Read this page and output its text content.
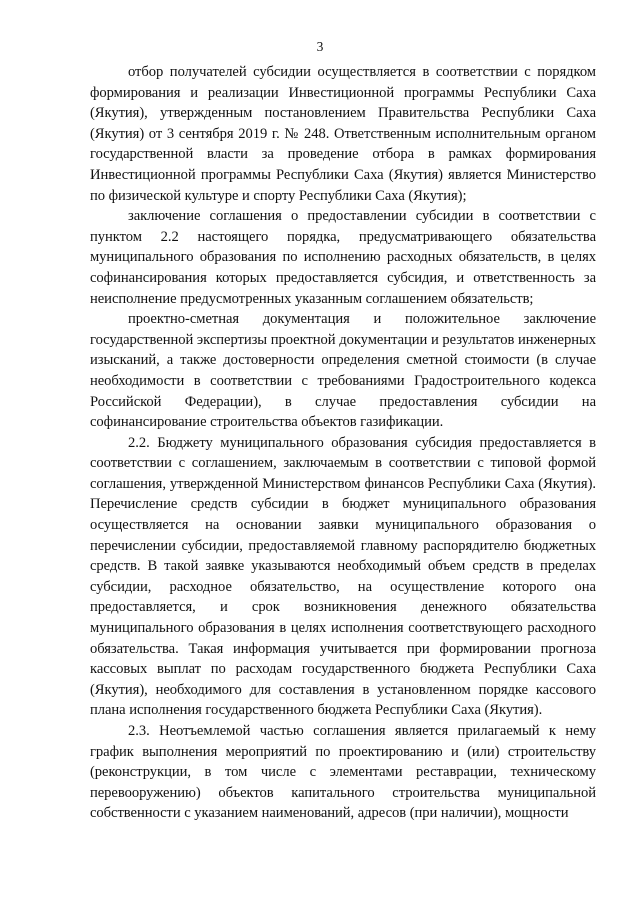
3

отбор получателей субсидии осуществляется в соответствии с порядком формирования и реализации Инвестиционной программы Республики Саха (Якутия), утвержденным постановлением Правительства Республики Саха (Якутия) от 3 сентября 2019 г. № 248. Ответственным исполнительным органом государственной власти за проведение отбора в рамках формирования Инвестиционной программы Республики Саха (Якутия) является Министерство по физической культуре и спорту Республики Саха (Якутия);

заключение соглашения о предоставлении субсидии в соответствии с пунктом 2.2 настоящего порядка, предусматривающего обязательства муниципального образования по исполнению расходных обязательств, в целях софинансирования которых предоставляется субсидия, и ответственность за неисполнение предусмотренных указанным соглашением обязательств;

проектно-сметная документация и положительное заключение государственной экспертизы проектной документации и результатов инженерных изысканий, а также достоверности определения сметной стоимости (в случае необходимости в соответствии с требованиями Градостроительного кодекса Российской Федерации), в случае предоставления субсидии на софинансирование строительства объектов газификации.

2.2. Бюджету муниципального образования субсидия предоставляется в соответствии с соглашением, заключаемым в соответствии с типовой формой соглашения, утвержденной Министерством финансов Республики Саха (Якутия). Перечисление средств субсидии в бюджет муниципального образования осуществляется на основании заявки муниципального образования о перечислении субсидии, предоставляемой главному распорядителю бюджетных средств. В такой заявке указываются необходимый объем средств в пределах субсидии, расходное обязательство, на осуществление которого она предоставляется, и срок возникновения денежного обязательства муниципального образования в целях исполнения соответствующего расходного обязательства. Такая информация учитывается при формировании прогноза кассовых выплат по расходам государственного бюджета Республики Саха (Якутия), необходимого для составления в установленном порядке кассового плана исполнения государственного бюджета Республики Саха (Якутия).

2.3. Неотъемлемой частью соглашения является прилагаемый к нему график выполнения мероприятий по проектированию и (или) строительству (реконструкции, в том числе с элементами реставрации, техническому перевооружению) объектов капитального строительства муниципальной собственности с указанием наименований, адресов (при наличии), мощности
